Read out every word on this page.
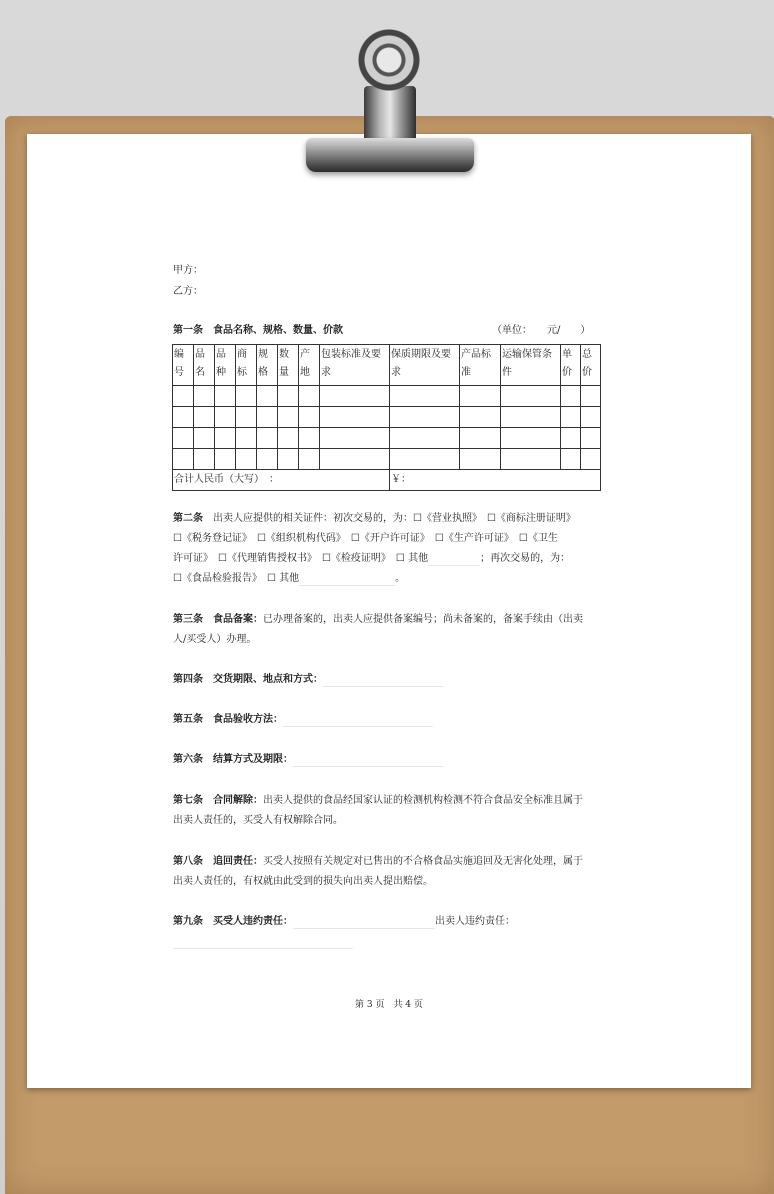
甲方：
乙方：
第一条　食品名称、规格、数量、价款	（单位：　　元/　　）
编号	品名	品种	商标	规格	数量	产地	包装标准及要求	保质期限及要求	产品标准	运输保管条件	单价	总价

合计人民币（大写）　：								￥：				
第二条　 出卖人应提供的相关证件：初次交易的，为：☐《营业执照》　☐《商标注册证明》
☐《税务登记证》　☐《组织机构代码》　☐《开户许可证》　☐《生产许可证》　☐《卫生
许可证》　☐《代理销售授权书》　☐《检疫证明》　☐ 其他	；再次交易的，为：
☐《食品检验报告》　☐ 其他	。
第三条　食品备案：已办理备案的，出卖人应提供备案编号；尚未备案的，备案手续由（出卖
人/买受人）办理。
第四条　交货期限、地点和方式：
第五条　食品验收方法：
第六条　结算方式及期限：
第七条　合同解除：出卖人提供的食品经国家认证的检测机构检测不符合食品安全标准且属于
出卖人责任的，买受人有权解除合同。
第八条　追回责任：买受人按照有关规定对已售出的不合格食品实施追回及无害化处理，属于
出卖人责任的，有权就由此受到的损失向出卖人提出赔偿。
第九条　买受人违约责任：	出卖人违约责任：
第 3 页　共 4 页
